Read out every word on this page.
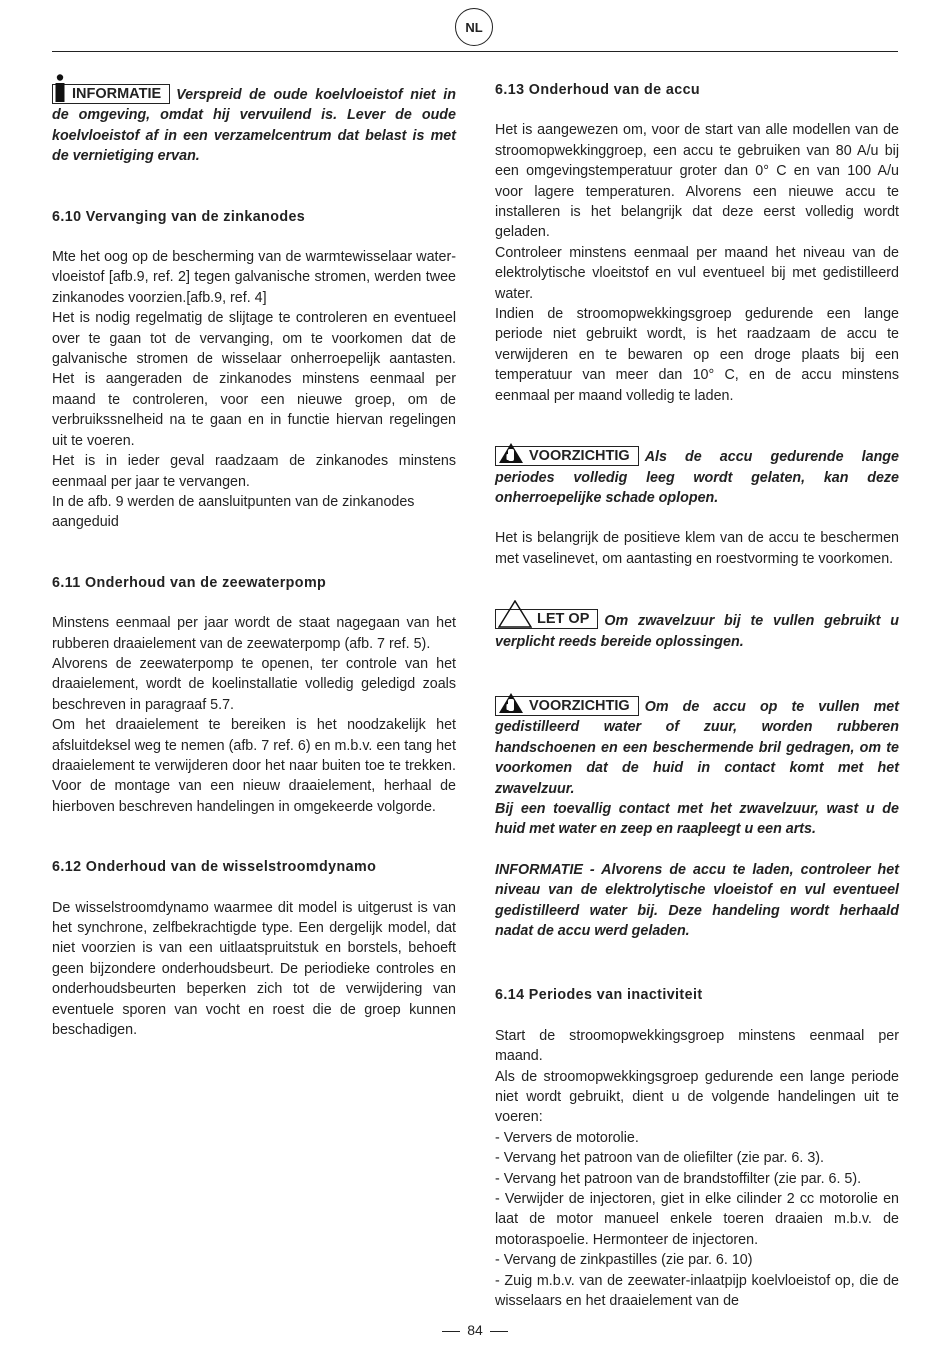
NL

INFORMATIE Verspreid de oude koelvloeistof niet in de omgeving, omdat hij vervuilend is. Lever de oude koelvloeistof af in een verzamelcentrum dat belast is met de vernietiging ervan.

6.10 Vervanging van de zinkanodes

Mte het oog op de bescherming van de warmtewisselaar water-vloeistof [afb.9, ref. 2] tegen galvanische stromen, werden twee zinkanodes voorzien.[afb.9, ref. 4]

Het is nodig regelmatig de slijtage te controleren en eventueel over te gaan tot de vervanging, om te voorkomen dat de galvanische stromen de wisselaar onherroepelijk aantasten. Het is aangeraden de zinkanodes minstens eenmaal per maand te controleren, voor een nieuwe groep, om de verbruikssnelheid na te gaan en in functie hiervan regelingen uit te voeren.

Het is in ieder geval raadzaam de zinkanodes minstens eenmaal per jaar te vervangen.

In de afb. 9 werden de aansluitpunten van de zinkanodes aangeduid

6.11 Onderhoud van de zeewaterpomp

Minstens eenmaal per jaar wordt de staat nagegaan van het rubberen draaielement van de zeewaterpomp (afb. 7 ref. 5).

Alvorens de zeewaterpomp te openen, ter controle van het draaielement, wordt de koelinstallatie volledig geledigd zoals beschreven in paragraaf 5.7.

Om het draaielement te bereiken is het noodzakelijk het afsluitdeksel weg te nemen (afb. 7 ref. 6) en m.b.v. een tang het draaielement te verwijderen door het naar buiten toe te trekken. Voor de montage van een nieuw draaielement, herhaal de hierboven beschreven handelingen in omgekeerde volgorde.

6.12 Onderhoud van de wisselstroomdynamo

De wisselstroomdynamo waarmee dit model is uitgerust is van het synchrone, zelfbekrachtigde type. Een dergelijk model, dat niet voorzien is van een uitlaatspruitstuk en borstels, behoeft geen bijzondere onderhoudsbeurt. De periodieke controles en onderhoudsbeurten beperken zich tot de verwijdering van eventuele sporen van vocht en roest die de groep kunnen beschadigen.

6.13 Onderhoud van de accu

Het is aangewezen om, voor de start van alle modellen van de stroomopwekkinggroep, een accu te gebruiken van 80 A/u bij een omgevingstemperatuur groter dan 0° C en van 100 A/u voor lagere temperaturen. Alvorens een nieuwe accu te installeren is het belangrijk dat deze eerst volledig wordt geladen.

Controleer minstens eenmaal per maand het niveau van de elektrolytische vloeitstof en vul eventueel bij met gedistilleerd water.

Indien de stroomopwekkingsgroep gedurende een lange periode niet gebruikt wordt, is het raadzaam de accu te verwijderen en te bewaren op een droge plaats bij een temperatuur van meer dan 10° C, en de accu minstens eenmaal per maand volledig te laden.

VOORZICHTIG Als de accu gedurende lange periodes volledig leeg wordt gelaten, kan deze onherroepelijke schade oplopen.

Het is belangrijk de positieve klem van de accu te beschermen met vaselinevet, om aantasting en roestvorming te voorkomen.

LET OP Om zwavelzuur bij te vullen gebruikt u verplicht reeds bereide oplossingen.

VOORZICHTIG Om de accu op te vullen met gedistilleerd water of zuur, worden rubberen handschoenen en een beschermende bril gedragen, om te voorkomen dat de huid in contact komt met het zwavelzuur.

Bij een toevallig contact met het zwavelzuur, wast u de huid met water en zeep en raapleegt u een arts.

INFORMATIE - Alvorens de accu te laden, controleer het niveau van de elektrolytische vloeistof en vul eventueel gedistilleerd water bij. Deze handeling wordt herhaald nadat de accu werd geladen.

6.14 Periodes van inactiviteit

Start de stroomopwekkingsgroep minstens eenmaal per maand.

Als de stroomopwekkingsgroep gedurende een lange periode niet wordt gebruikt, dient u de volgende handelingen uit te voeren:

- Ververs de motorolie.

- Vervang het patroon van de oliefilter (zie par. 6. 3).

- Vervang het patroon van de brandstoffilter (zie par. 6. 5).

- Verwijder de injectoren, giet in elke cilinder 2 cc motorolie en laat de motor manueel enkele toeren draaien m.b.v. de motoraspoelie. Hermonteer de injectoren.

- Vervang de zinkpastilles (zie par. 6. 10)

- Zuig m.b.v. van de zeewater-inlaatpijp koelvloeistof op, die de wisselaars en het draaielement van de

84
